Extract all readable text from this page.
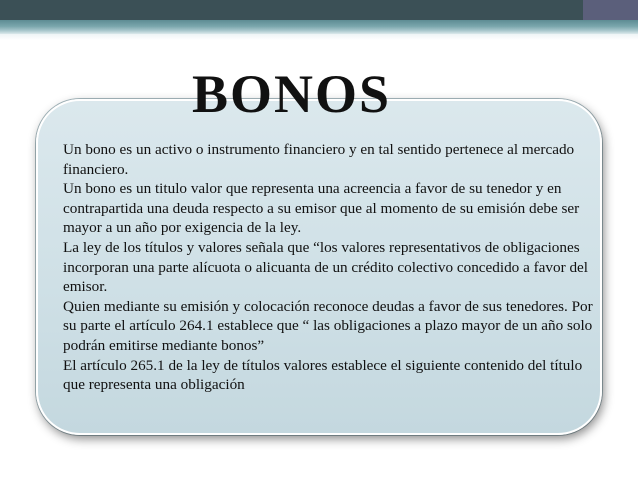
BONOS

Un bono es un activo o instrumento financiero y en tal sentido pertenece al mercado financiero.

Un bono es un titulo valor que representa una acreencia a favor de su tenedor y en contrapartida una deuda respecto a su emisor que al momento de su emisión debe ser mayor a un año por exigencia de la ley.

La ley de los títulos y valores señala que “los valores representativos de obligaciones incorporan una parte alícuota o alicuanta de un crédito colectivo concedido a favor del emisor.

Quien mediante su emisión y colocación reconoce deudas a favor de sus tenedores. Por su parte el artículo 264.1 establece que “ las obligaciones a plazo mayor de un año solo podrán emitirse mediante bonos”

El artículo 265.1 de la ley de títulos valores establece el siguiente contenido del título que representa una obligación
